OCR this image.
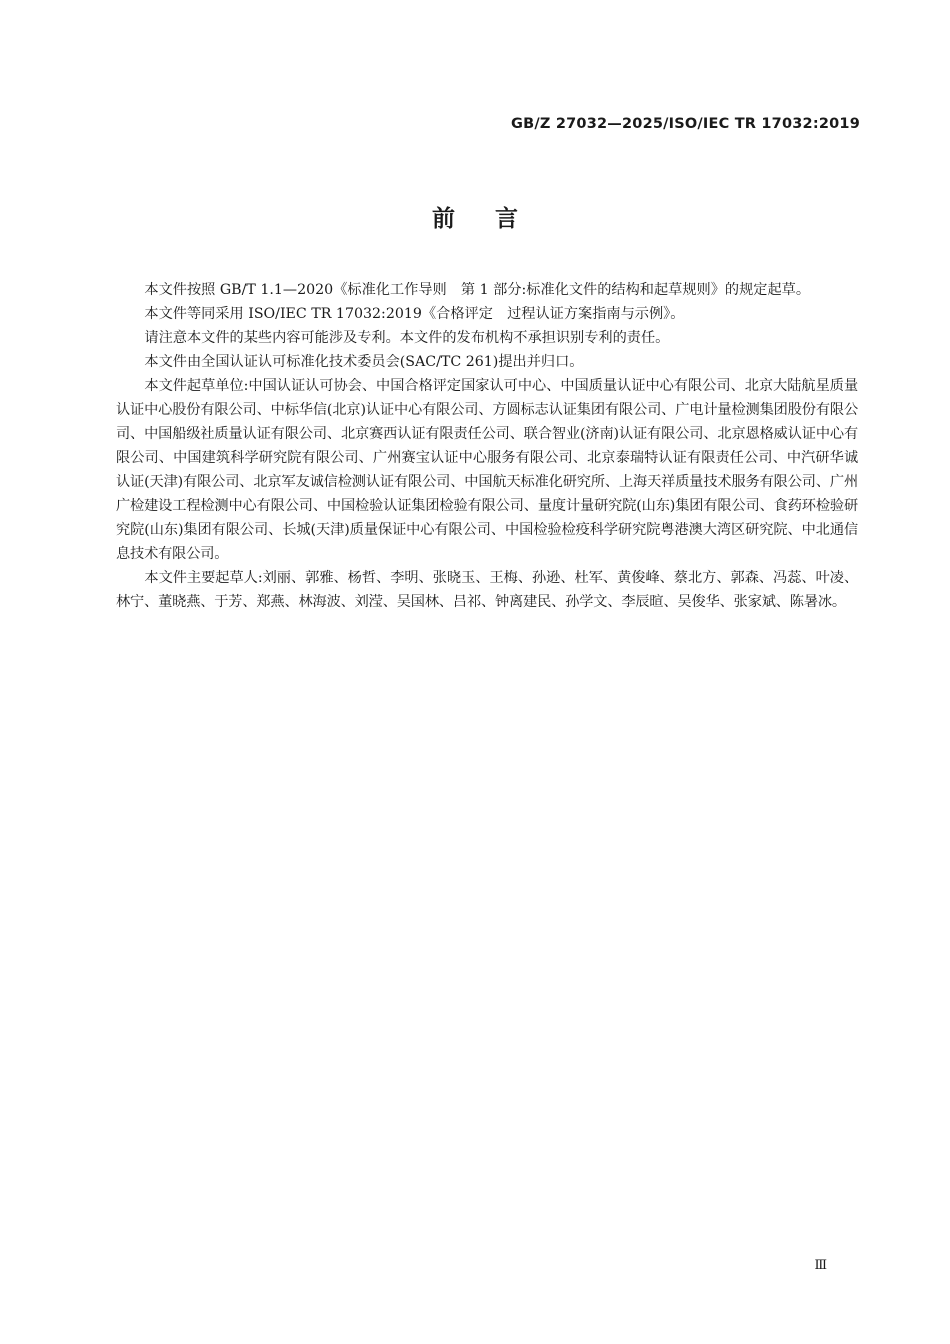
GB/Z 27032—2025/ISO/IEC TR 17032:2019
前言

本文件按照 GB/T 1.1—2020《标准化工作导则　第 1 部分:标准化文件的结构和起草规则》的规定起草。

本文件等同采用 ISO/IEC TR 17032:2019《合格评定　过程认证方案指南与示例》。

请注意本文件的某些内容可能涉及专利。本文件的发布机构不承担识别专利的责任。

本文件由全国认证认可标准化技术委员会(SAC/TC 261)提出并归口。

本文件起草单位:中国认证认可协会、中国合格评定国家认可中心、中国质量认证中心有限公司、北京大陆航星质量认证中心股份有限公司、中标华信(北京)认证中心有限公司、方圆标志认证集团有限公司、广电计量检测集团股份有限公司、中国船级社质量认证有限公司、北京赛西认证有限责任公司、联合智业(济南)认证有限公司、北京恩格威认证中心有限公司、中国建筑科学研究院有限公司、广州赛宝认证中心服务有限公司、北京泰瑞特认证有限责任公司、中汽研华诚认证(天津)有限公司、北京军友诚信检测认证有限公司、中国航天标准化研究所、上海天祥质量技术服务有限公司、广州广检建设工程检测中心有限公司、中国检验认证集团检验有限公司、量度计量研究院(山东)集团有限公司、食药环检验研究院(山东)集团有限公司、长城(天津)质量保证中心有限公司、中国检验检疫科学研究院粤港澳大湾区研究院、中北通信息技术有限公司。

本文件主要起草人:刘丽、郭雅、杨哲、李明、张晓玉、王梅、孙逊、杜军、黄俊峰、蔡北方、郭森、冯蕊、叶凌、林宁、董晓燕、于芳、郑燕、林海波、刘滢、吴国林、吕祁、钟离建民、孙学文、李辰暄、吴俊华、张家斌、陈暑冰。

Ⅲ
